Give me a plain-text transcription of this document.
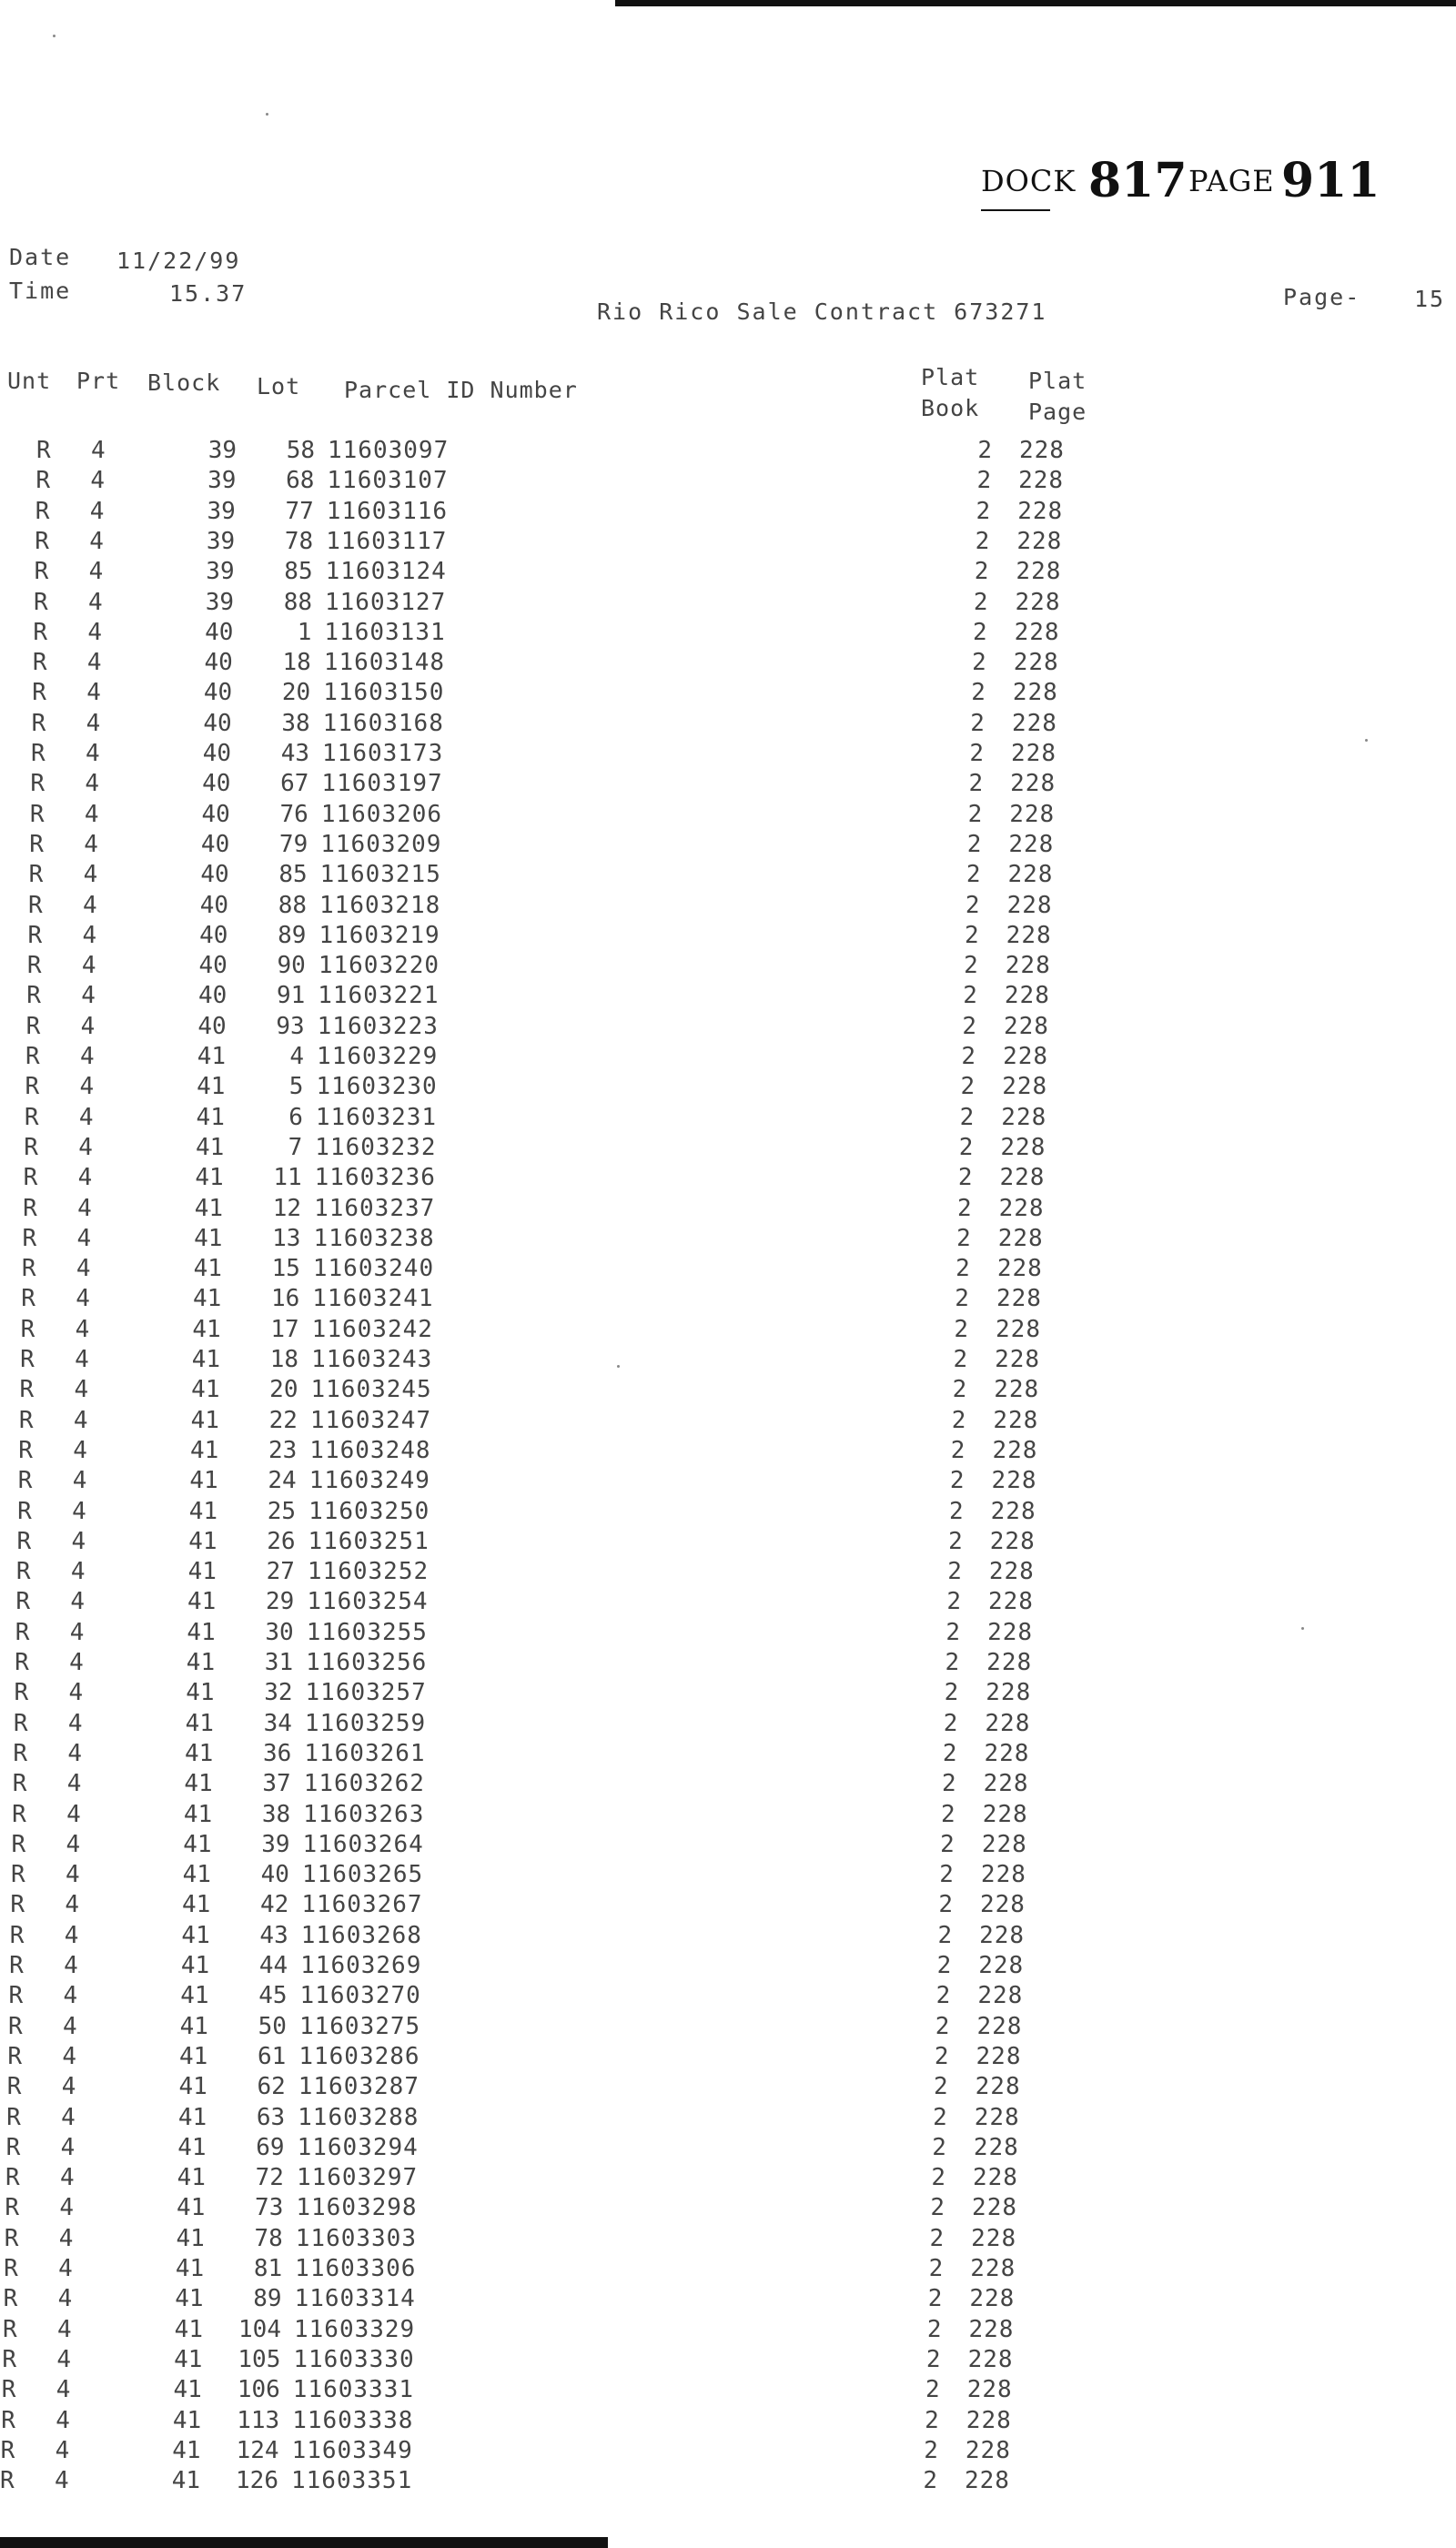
DOCK 817 PAGE 911
Date 11/22/99
Time	15.37
Rio Rico Sale Contract 673271
Page- 15
Unt Prt Block Lot Parcel ID Number	Plat
Book
Plat
Page
R	4	39	58 11603097	2 228
R	4	39	68 11603107	2 228
R	4	39	77 11603116	2 228
R	4	39	78 11603117	2 228
R	4	39	85 11603124	2 228
R	4	39	88 11603127	2 228
R	4	40	1 11603131	2 228
R	4	40	18 11603148	2 228
R	4	40	20 11603150	2 228
R	4	40	38 11603168	2 228
R	4	40	43 11603173	2 228
R	4	40	67 11603197	2 228
R	4	40	76 11603206	2 228
R	4	40	79 11603209	2 228
R	4	40	85 11603215	2 228
R	4	40	88 11603218	2 228
R	4	40	89 11603219	2 228
R	4	40	90 11603220	2 228
R	4	40	91 11603221	2 228
R	4	40	93 11603223	2 228
R	4	41	4 11603229	2 228
R	4	41	5 11603230	2 228
R	4	41	6 11603231	2 228
R	4	41	7 11603232	2 228
R	4	41	11 11603236	2 228
R	4	41	12 11603237	2 228
R	4	41	13 11603238	2 228
R	4	41	15 11603240	2 228
R	4	41	16 11603241	2 228
R	4	41	17 11603242	2 228
R	4	41	18 11603243	2 228
R	4	41	20 11603245	2 228
R	4	41	22 11603247	2 228
R	4	41	23 11603248	2 228
R	4	41	24 11603249	2 228
R	4	41	25 11603250	2 228
R	4	41	26 11603251	2 228
R	4	41	27 11603252	2 228
R	4	41	29 11603254	2 228
R	4	41	30 11603255	2 228
R	4	41	31 11603256	2 228
R	4	41	32 11603257	2 228
R	4	41	34 11603259	2 228
R	4	41	36 11603261	2 228
R	4	41	37 11603262	2 228
R	4	41	38 11603263	2 228
R	4	41	39 11603264	2 228
R	4	41	40 11603265	2 228
R	4	41	42 11603267	2 228
R	4	41	43 11603268	2 228
R	4	41	44 11603269	2 228
R	4	41	45 11603270	2 228
R	4	41	50 11603275	2 228
R	4	41	61 11603286	2 228
R	4	41	62 11603287	2 228
R	4	41	63 11603288	2 228
R	4	41	69 11603294	2 228
R	4	41	72 11603297	2 228
R	4	41	73 11603298	2 228
R	4	41	78 11603303	2 228
R	4	41	81 11603306	2 228
R	4	41	89 11603314	2 228
R	4	41	104 11603329	2 228
R	4	41	105 11603330	2 228
R	4	41	106 11603331	2 228
R	4	41	113 11603338	2 228
R	4	41	124 11603349	2 228
R	4	41	126 11603351	2 228
